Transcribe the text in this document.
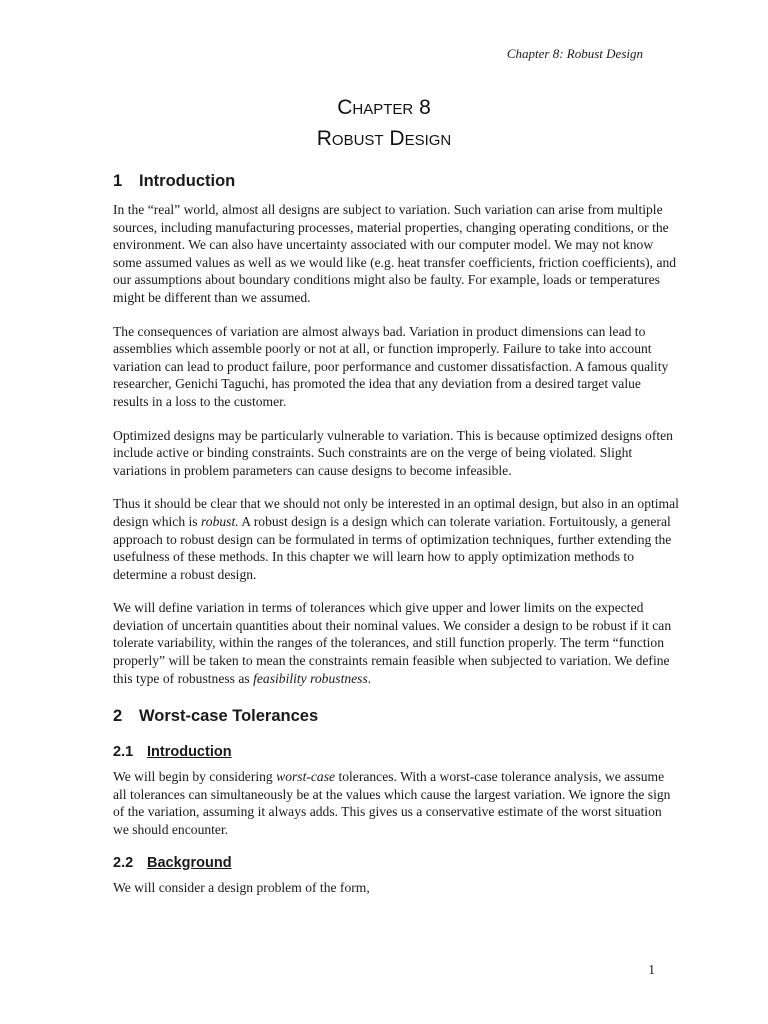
Chapter 8: Robust Design
Chapter 8
Robust Design
1	Introduction

In the “real” world, almost all designs are subject to variation. Such variation can arise from multiple sources, including manufacturing processes, material properties, changing operating conditions, or the environment. We can also have uncertainty associated with our computer model. We may not know some assumed values as well as we would like (e.g. heat transfer coefficients, friction coefficients), and our assumptions about boundary conditions might also be faulty. For example, loads or temperatures might be different than we assumed.

The consequences of variation are almost always bad. Variation in product dimensions can lead to assemblies which assemble poorly or not at all, or function improperly. Failure to take into account variation can lead to product failure, poor performance and customer dissatisfaction. A famous quality researcher, Genichi Taguchi, has promoted the idea that any deviation from a desired target value results in a loss to the customer.

Optimized designs may be particularly vulnerable to variation. This is because optimized designs often include active or binding constraints. Such constraints are on the verge of being violated. Slight variations in problem parameters can cause designs to become infeasible.

Thus it should be clear that we should not only be interested in an optimal design, but also in an optimal design which is robust. A robust design is a design which can tolerate variation. Fortuitously, a general approach to robust design can be formulated in terms of optimization techniques, further extending the usefulness of these methods. In this chapter we will learn how to apply optimization methods to determine a robust design.

We will define variation in terms of tolerances which give upper and lower limits on the expected deviation of uncertain quantities about their nominal values. We consider a design to be robust if it can tolerate variability, within the ranges of the tolerances, and still function properly. The term “function properly” will be taken to mean the constraints remain feasible when subjected to variation. We define this type of robustness as feasibility robustness.

2	Worst-case Tolerances
2.1 Introduction

We will begin by considering worst-case tolerances. With a worst-case tolerance analysis, we assume all tolerances can simultaneously be at the values which cause the largest variation. We ignore the sign of the variation, assuming it always adds. This gives us a conservative estimate of the worst situation we should encounter.

2.2 Background

We will consider a design problem of the form,

1
